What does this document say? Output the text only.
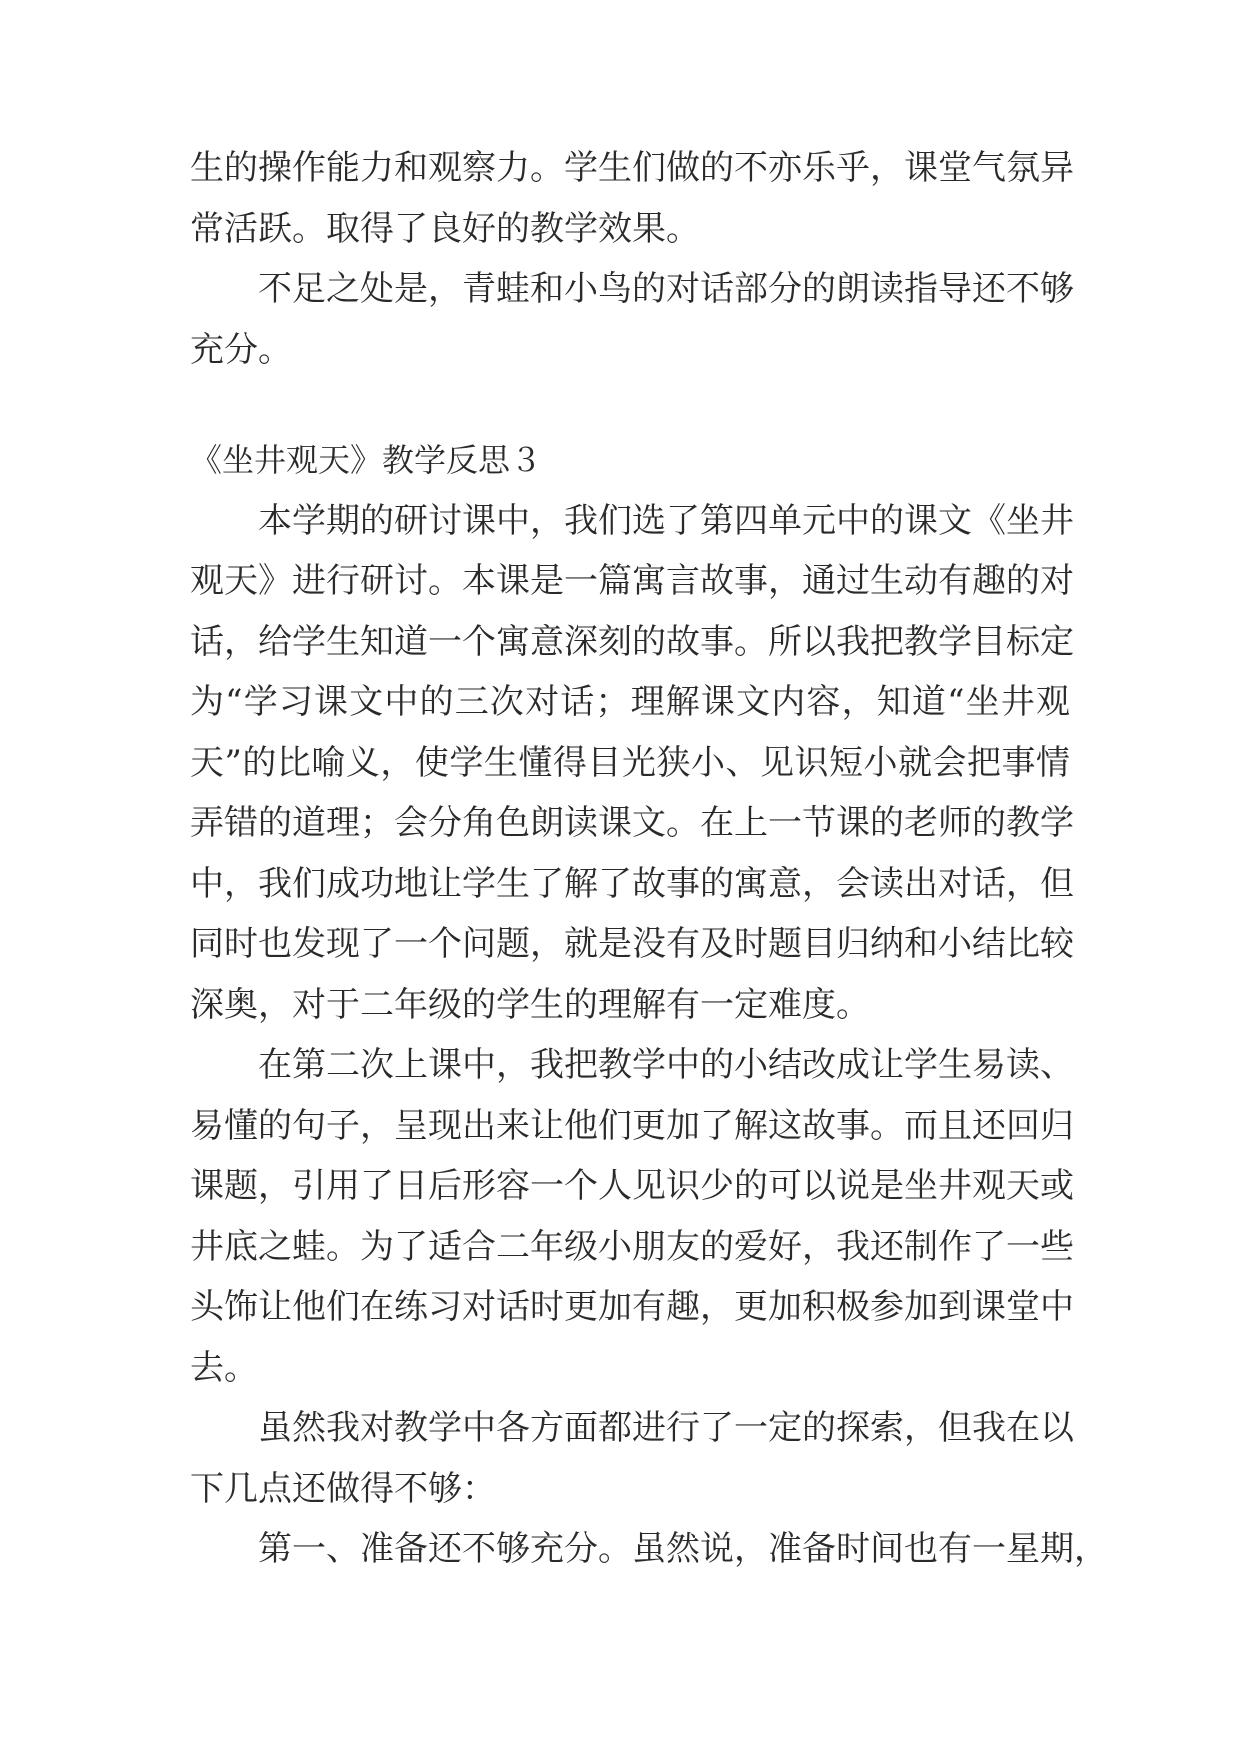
生的操作能力和观察力。学生们做的不亦乐乎，课堂气氛异
常活跃。取得了良好的教学效果。
不足之处是，青蛙和小鸟的对话部分的朗读指导还不够
充分。
《坐井观天》教学反思３
本学期的研讨课中，我们选了第四单元中的课文《坐井
观天》进行研讨。本课是一篇寓言故事，通过生动有趣的对
话，给学生知道一个寓意深刻的故事。所以我把教学目标定
为“学习课文中的三次对话；理解课文内容，知道“坐井观
天”的比喻义，使学生懂得目光狭小、见识短小就会把事情
弄错的道理；会分角色朗读课文。在上一节课的老师的教学
中，我们成功地让学生了解了故事的寓意，会读出对话，但
同时也发现了一个问题，就是没有及时题目归纳和小结比较
深奥，对于二年级的学生的理解有一定难度。
在第二次上课中，我把教学中的小结改成让学生易读、
易懂的句子，呈现出来让他们更加了解这故事。而且还回归
课题，引用了日后形容一个人见识少的可以说是坐井观天或
井底之蛙。为了适合二年级小朋友的爱好，我还制作了一些
头饰让他们在练习对话时更加有趣，更加积极参加到课堂中
去。
虽然我对教学中各方面都进行了一定的探索，但我在以
下几点还做得不够：
第一、准备还不够充分。虽然说，准备时间也有一星期，
